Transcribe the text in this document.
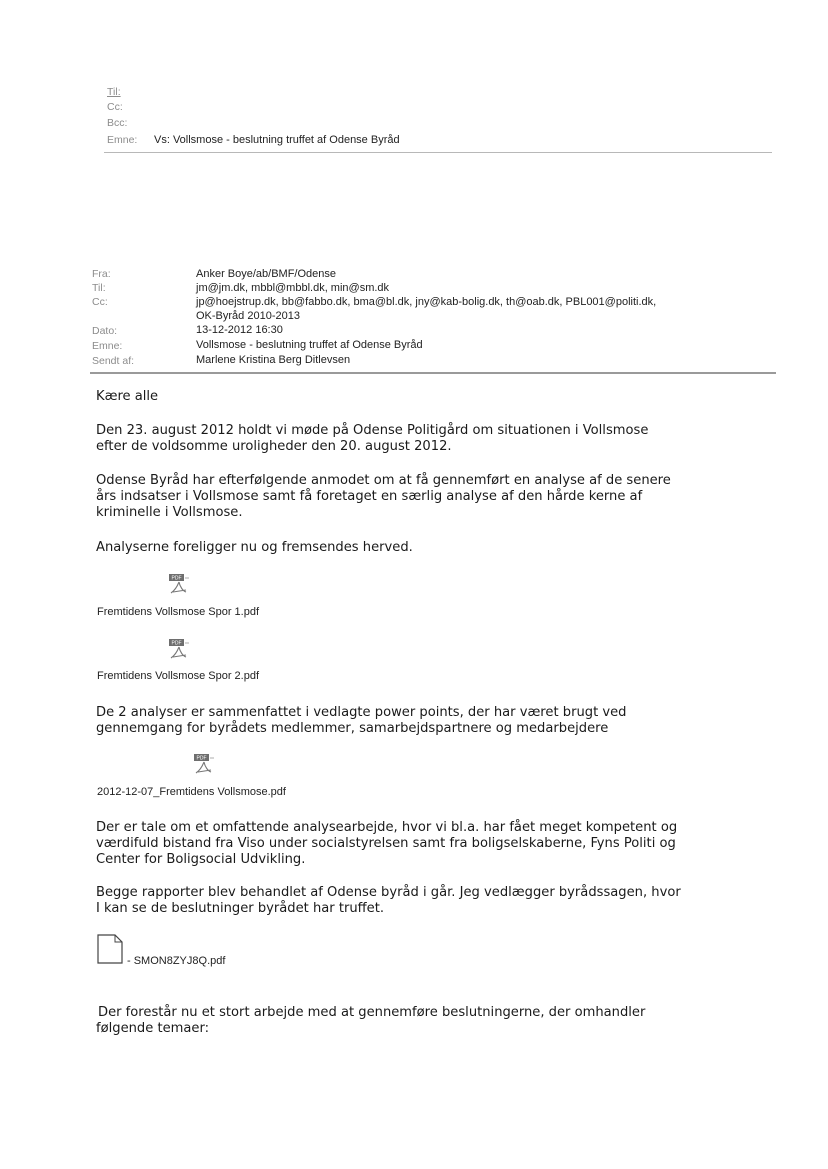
Til:
Cc:
Bcc:
Emne: Vs: Vollsmose - beslutning truffet af Odense Byråd
Fra:	Anker Boye/ab/BMF/Odense
Til:	jm@jm.dk, mbbl@mbbl.dk, min@sm.dk
Cc:	jp@hoejstrup.dk, bb@fabbo.dk, bma@bl.dk, jny@kab-bolig.dk, th@oab.dk, PBL001@politi.dk,
OK-Byråd 2010-2013
Dato:	13-12-2012 16:30
Emne:	Vollsmose - beslutning truffet af Odense Byråd
Sendt af:	Marlene Kristina Berg Ditlevsen

Kære alle

Den 23. august 2012 holdt vi møde på Odense Politigård om situationen i Vollsmose

efter de voldsomme uroligheder den 20. august 2012.

Odense Byråd har efterfølgende anmodet om at få gennemført en analyse af de senere

års indsatser i Vollsmose samt få foretaget en særlig analyse af den hårde kerne af

kriminelle i Vollsmose.

Analyserne foreligger nu og fremsendes herved.

PDF
Fremtidens Vollsmose Spor 1.pdf
PDF
Fremtidens Vollsmose Spor 2.pdf

De 2 analyser er sammenfattet i vedlagte power points, der har været brugt ved

gennemgang for byrådets medlemmer, samarbejdspartnere og medarbejdere

PDF
2012-12-07_Fremtidens Vollsmose.pdf

Der er tale om et omfattende analysearbejde, hvor vi bl.a. har fået meget kompetent og

værdifuld bistand fra Viso under socialstyrelsen samt fra boligselskaberne, Fyns Politi og

Center for Boligsocial Udvikling.

Begge rapporter blev behandlet af Odense byråd i går. Jeg vedlægger byrådssagen, hvor

I kan se de beslutninger byrådet har truffet.

- SMON8ZYJ8Q.pdf

Der forestår nu et stort arbejde med at gennemføre beslutningerne, der omhandler

følgende temaer:
